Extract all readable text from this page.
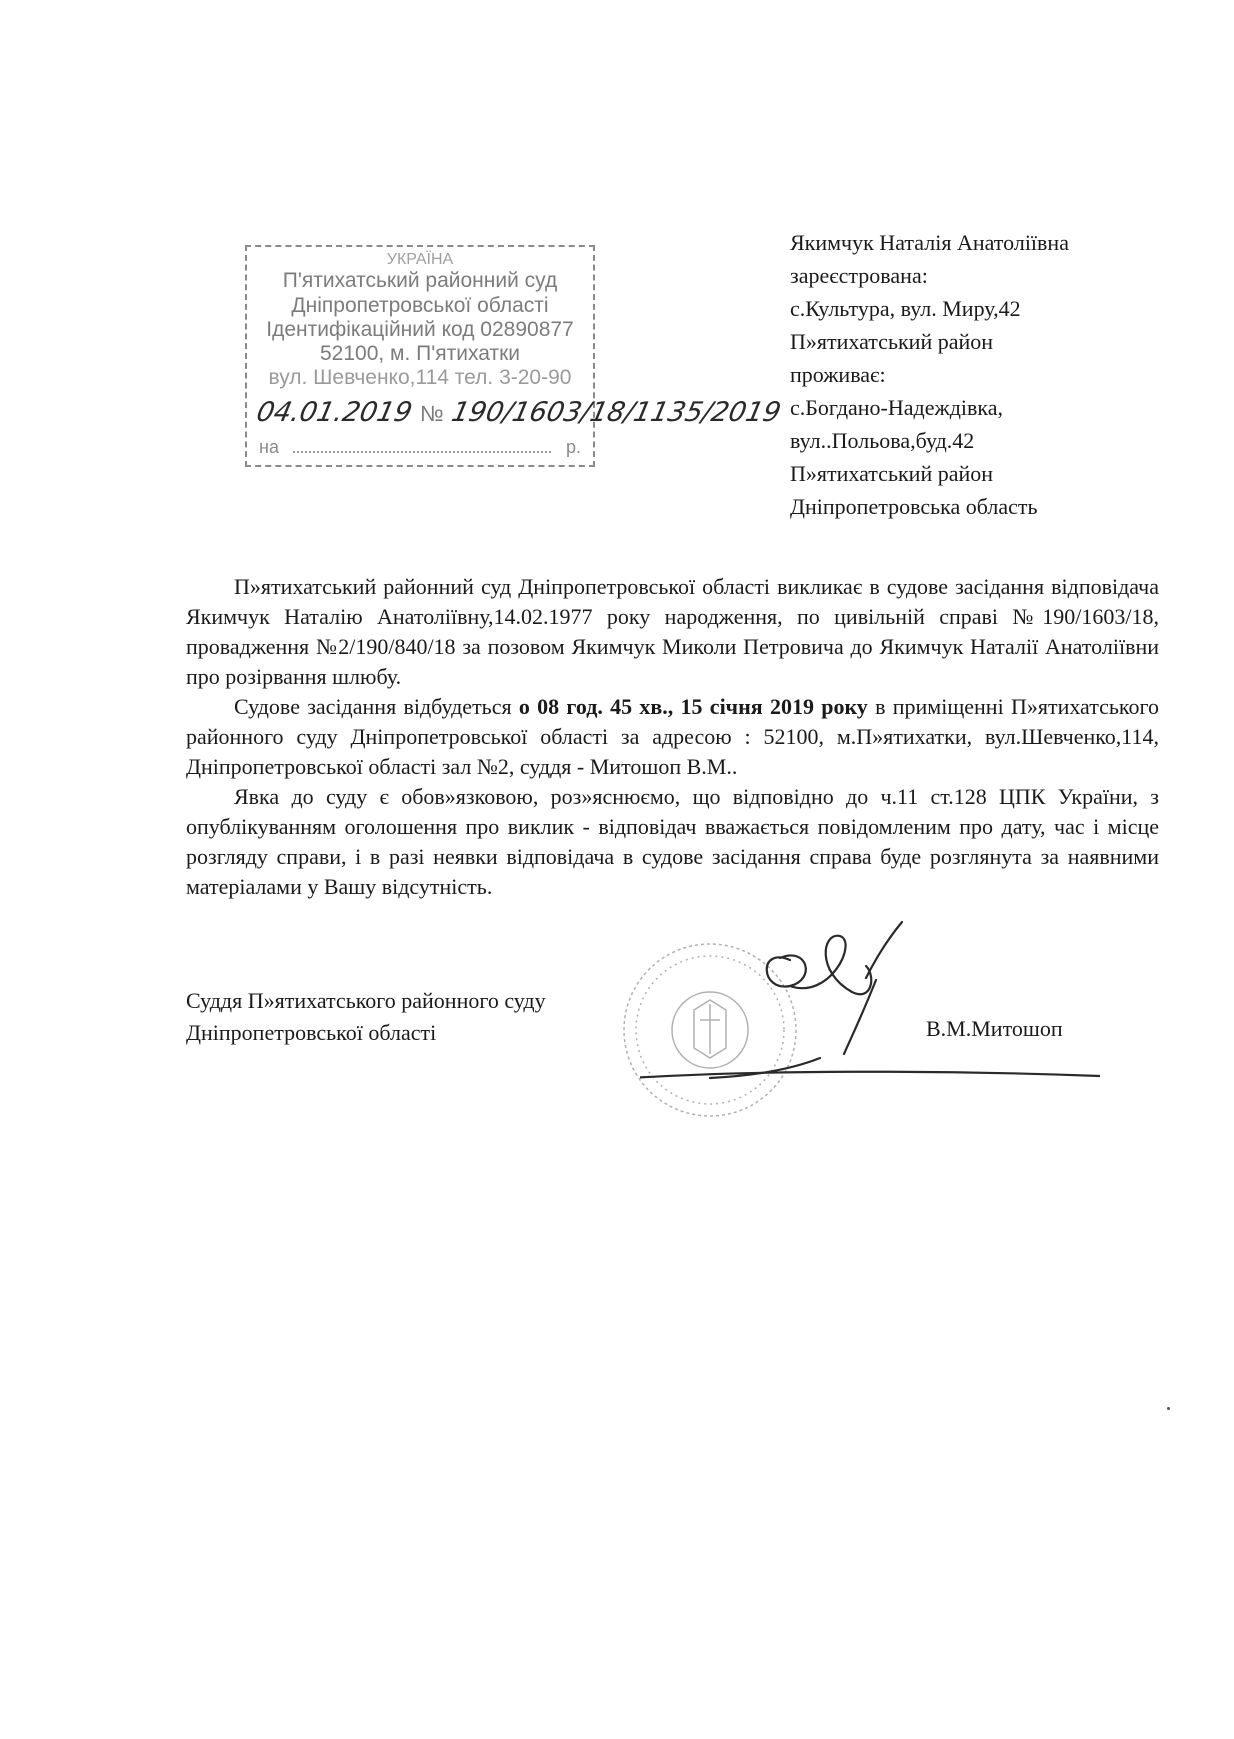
УКРАЇНА
П'ятихатський районний суд
Дніпропетровської області
Ідентифікаційний код 02890877
52100, м. П'ятихатки
вул. Шевченко,114 тел. 3-20-90
04.01.2019 № 190/1603/18/1135/2019
на	р.
Якимчук Наталія Анатоліївна
зареєстрована:
с.Культура, вул. Миру,42
П»ятихатський район
проживає:
с.Богдано-Надеждівка,
вул..Польова,буд.42
П»ятихатський район
Дніпропетровська область

П»ятихатський районний суд Дніпропетровської області викликає в судове засідання відповідача Якимчук Наталію Анатоліївну,14.02.1977 року народження, по цивільній справі №190/1603/18, провадження №2/190/840/18 за позовом Якимчук Миколи Петровича до Якимчук Наталії Анатоліївни про розірвання шлюбу.

Судове засідання відбудеться о 08 год. 45 хв., 15 січня 2019 року в приміщенні П»ятихатського районного суду Дніпропетровської області за адресою : 52100, м.П»ятихатки, вул.Шевченко,114, Дніпропетровської області зал №2, суддя - Митошоп В.М..

Явка до суду є обов»язковою, роз»яснюємо, що відповідно до ч.11 ст.128 ЦПК України, з опублікуванням оголошення про виклик - відповідач вважається повідомленим про дату, час і місце розгляду справи, і в разі неявки відповідача в судове засідання справа буде розглянута за наявними матеріалами у Вашу відсутність.

Суддя П»ятихатського районного суду
Дніпропетровської області	В.М.Митошоп
